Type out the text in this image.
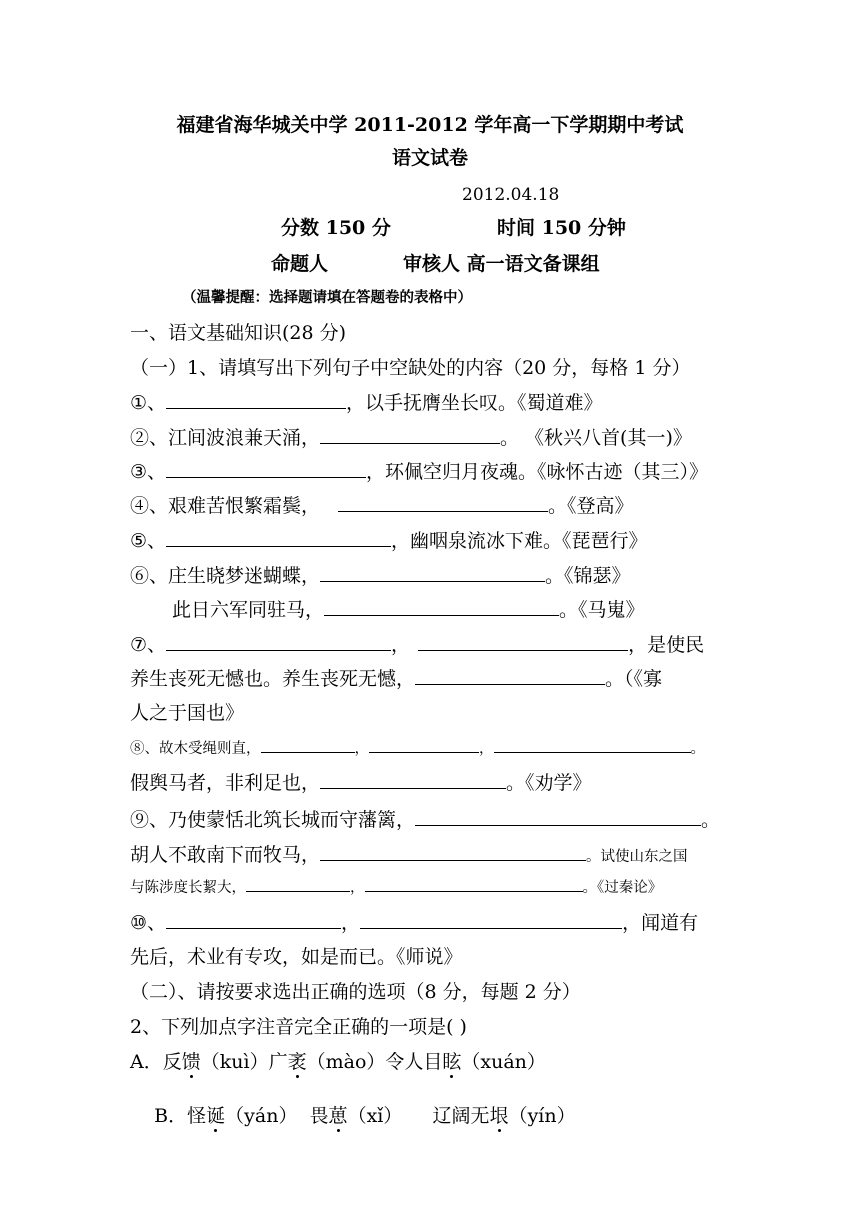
福建省海华城关中学 2011-2012 学年高一下学期期中考试
语文试卷
2012.04.18
分数 150 分	时间 150 分钟
命题人	审核人 高一语文备课组
（温馨提醒：选择题请填在答题卷的表格中）
一、语文基础知识(28 分)
（一）1、请填写出下列句子中空缺处的内容（20 分，每格 1 分）
①、	，以手抚膺坐长叹。《蜀道难》
②、江间波浪兼天涌，	。 《秋兴八首(其一)》
③、	，环佩空归月夜魂。《咏怀古迹（其三）》
④、艰难苦恨繁霜鬓，	。《登高》
⑤、	，幽咽泉流冰下难。《琵琶行》
⑥、庄生晓梦迷蝴蝶，	。《锦瑟》
此日六军同驻马，	。《马嵬》
⑦、	，	，是使民
养生丧死无憾也。养生丧死无憾，	。（《寡
人之于国也》
⑧、故木受绳则直，	，	，	。
假舆马者，非利足也，	。《劝学》
⑨、乃使蒙恬北筑长城而守藩篱，	。
胡人不敢南下而牧马，	。试使山东之国
与陈涉度长絜大，	，	。《过秦论》
⑩、	，	，闻道有
先后，术业有专攻，如是而已。《师说》
（二）、请按要求选出正确的选项（8 分，每题 2 分）
2、下列加点字注音完全正确的一项是( )
A．反馈（kuì）广袤（mào）令人目眩（xuán）

B．怪诞（yán）  畏葸（xǐ）     辽阔无垠（yín）
